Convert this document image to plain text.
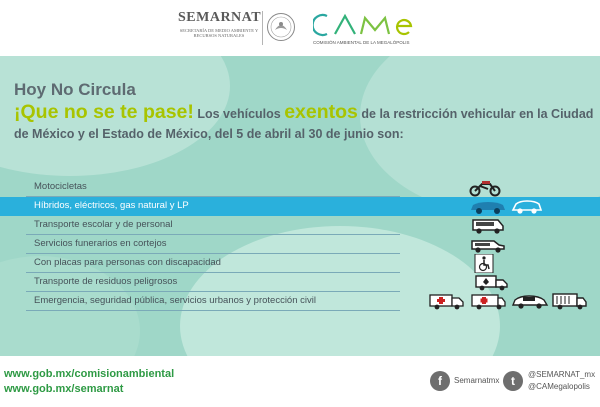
SEMARNAT
SECRETARÍA DE MEDIO AMBIENTE Y RECURSOS NATURALES
COMISIÓN AMBIENTAL DE LA MEGALÓPOLIS
Hoy No Circula
¡Que no se te pase! Los vehículos exentos de la restricción vehicular en la Ciudad de México y el Estado de México, del 5 de abril al 30 de junio son:
Motocicletas
Híbridos, eléctricos, gas natural y LP
Transporte escolar y de personal
Servicios funerarios en cortejos
Con placas para personas con discapacidad
Transporte de residuos peligrosos
Emergencia, seguridad pública, servicios urbanos y protección civil
www.gob.mx/comisionambiental
www.gob.mx/semarnat
f	Semarnatmx t	@SEMARNAT_mx
@CAMegalopolis
